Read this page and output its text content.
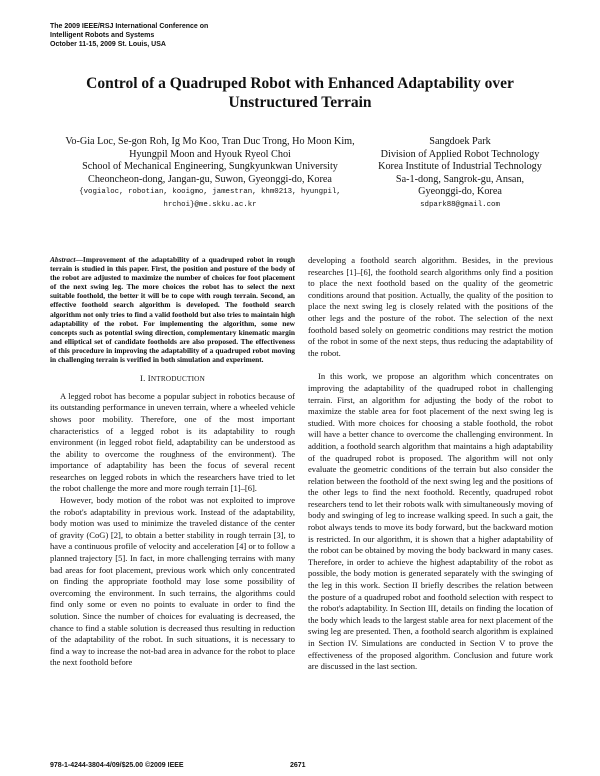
The 2009 IEEE/RSJ International Conference on
Intelligent Robots and Systems
October 11-15, 2009 St. Louis, USA
Control of a Quadruped Robot with Enhanced Adaptability over Unstructured Terrain
Vo-Gia Loc, Se-gon Roh, Ig Mo Koo, Tran Duc Trong, Ho Moon Kim, Hyungpil Moon and Hyouk Ryeol Choi
School of Mechanical Engineering, Sungkyunkwan University
Cheoncheon-dong, Jangan-gu, Suwon, Gyeonggi-do, Korea
{vogialoc, robotian, kooigmo, jamestran, khm0213, hyungpil, hrchoi}@me.skku.ac.kr
Sangdoek Park
Division of Applied Robot Technology
Korea Institute of Industrial Technology
Sa-1-dong, Sangrok-gu, Ansan,
Gyeonggi-do, Korea
sdpark88@gmail.com

Abstract—Improvement of the adaptability of a quadruped robot in rough terrain is studied in this paper. First, the position and posture of the body of the robot are adjusted to maximize the number of choices for foot placement of the next swing leg. The more choices the robot has to select the next suitable foothold, the better it will be to cope with rough terrain. Second, an effective foothold search algorithm is developed. The foothold search algorithm not only tries to find a valid foothold but also tries to maintain high adaptability of the robot. For implementing the algorithm, some new concepts such as potential swing direction, complementary kinematic margin and elliptical set of candidate footholds are also proposed. The effectiveness of this procedure in improving the adaptability of a quadruped robot moving in challenging terrain is verified in both simulation and experiment.

I. INTRODUCTION

A legged robot has become a popular subject in robotics because of its outstanding performance in uneven terrain, where a wheeled vehicle shows poor mobility. Therefore, one of the most important characteristics of a legged robot is its adaptability to rough environment (in legged robot field, adaptability can be understood as the ability to overcome the roughness of the environment). The importance of adaptability has been the focus of several recent researches on legged robots in which the researchers have tried to let the robot challenge the more and more rough terrain [1]–[6].

However, body motion of the robot was not exploited to improve the robot's adaptability in previous work. Instead of the adaptability, body motion was used to minimize the traveled distance of the center of gravity (CoG) [2], to obtain a better stability in rough terrain [3], to have a continuous profile of velocity and acceleration [4] or to follow a planned trajectory [5]. In fact, in more challenging terrains with many bad areas for foot placement, previous work which only concentrated on finding the appropriate foothold may lose some possibility of overcoming the environment. In such terrains, the algorithms could find only some or even no points to evaluate in order to find the solution. Since the number of choices for evaluating is decreased, the chance to find a stable solution is decreased thus resulting in reduction of the adaptability of the robot. In such situations, it is necessary to find a way to increase the not-bad area in advance for the robot to place the next foothold before

developing a foothold search algorithm. Besides, in the previous researches [1]–[6], the foothold search algorithms only find a position to place the next foothold based on the quality of the geometric conditions around that position. Actually, the quality of the position to place the next swing leg is closely related with the positions of the other legs and the posture of the robot. The selection of the next foothold based solely on geometric conditions may restrict the motion of the robot in some of the next steps, thus reducing the adaptability of the robot.

In this work, we propose an algorithm which concentrates on improving the adaptability of the quadruped robot in challenging terrain. First, an algorithm for adjusting the body of the robot to maximize the stable area for foot placement of the next swing leg is studied. With more choices for choosing a stable foothold, the robot will have a better chance to overcome the challenging environment. In addition, a foothold search algorithm that maintains a high adaptability of the quadruped robot is proposed. The algorithm will not only evaluate the geometric conditions of the terrain but also consider the relation between the foothold of the next swing leg and the positions of the other legs to find the next foothold. Recently, quadruped robot researchers tend to let their robots walk with simultaneously moving of body and swinging of leg to increase walking speed. In such a gait, the robot always tends to move its body forward, but the backward motion is restricted. In our algorithm, it is shown that a higher adaptability of the robot can be obtained by moving the body backward in many cases. Therefore, in order to achieve the highest adaptability of the robot as possible, the body motion is generated separately with the swinging of the leg in this work. Section II briefly describes the relation between the posture of a quadruped robot and foothold selection with respect to the robot's adaptability. In Section III, details on finding the location of the body which leads to the largest stable area for next placement of the swing leg are presented. Then, a foothold search algorithm is explained in Section IV. Simulations are conducted in Section V to prove the effectiveness of the proposed algorithm. Conclusion and future work are discussed in the last section.

978-1-4244-3804-4/09/$25.00 ©2009 IEEE	2671
